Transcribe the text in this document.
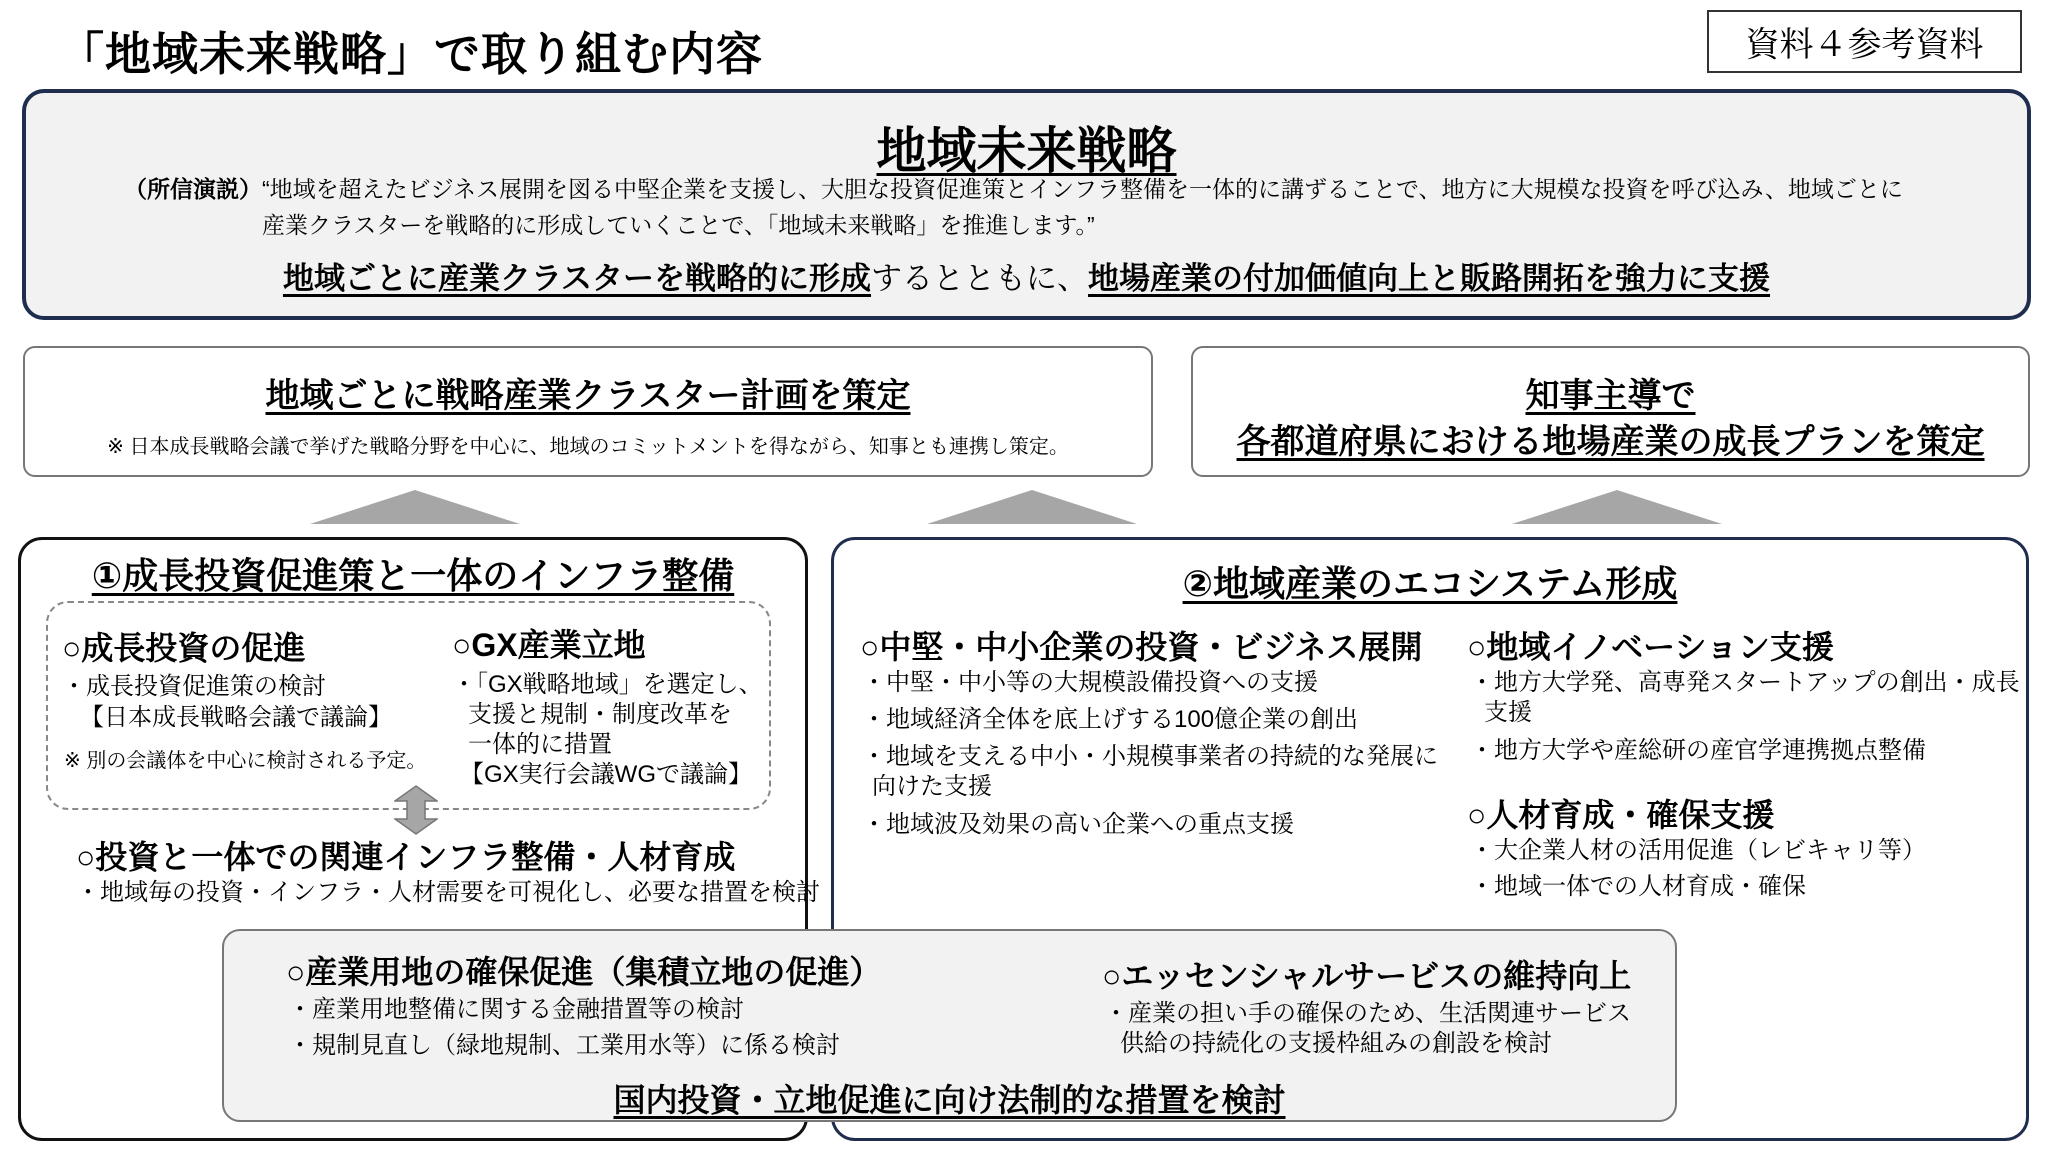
「地域未来戦略」で取り組む内容	資料４参考資料
地域未来戦略
（所信演説）“地域を超えたビジネス展開を図る中堅企業を支援し、大胆な投資促進策とインフラ整備を一体的に講ずることで、地方に大規模な投資を呼び込み、地域ごとに
産業クラスターを戦略的に形成していくことで、「地域未来戦略」を推進します。”
地域ごとに産業クラスターを戦略的に形成するとともに、地場産業の付加価値向上と販路開拓を強力に支援
地域ごとに戦略産業クラスター計画を策定
※ 日本成長戦略会議で挙げた戦略分野を中心に、地域のコミットメントを得ながら、知事とも連携し策定。
知事主導で
各都道府県における地場産業の成長プランを策定
①成長投資促進策と一体のインフラ整備
○成長投資の促進
・成長投資促進策の検討
【日本成長戦略会議で議論】
※ 別の会議体を中心に検討される予定。
○GX産業立地
・「GX戦略地域」を選定し、
支援と規制・制度改革を
一体的に措置
【GX実行会議WGで議論】
○投資と一体での関連インフラ整備・人材育成
・地域毎の投資・インフラ・人材需要を可視化し、必要な措置を検討
②地域産業のエコシステム形成
○中堅・中小企業の投資・ビジネス展開
・中堅・中小等の大規模設備投資への支援
・地域経済全体を底上げする100億企業の創出
・地域を支える中小・小規模事業者の持続的な発展に
向けた支援
・地域波及効果の高い企業への重点支援
○地域イノベーション支援
・地方大学発、高専発スタートアップの創出・成長
支援
・地方大学や産総研の産官学連携拠点整備
○人材育成・確保支援
・大企業人材の活用促進（レビキャリ等）
・地域一体での人材育成・確保
○産業用地の確保促進（集積立地の促進）
・産業用地整備に関する金融措置等の検討
・規制見直し（緑地規制、工業用水等）に係る検討
○エッセンシャルサービスの維持向上
・産業の担い手の確保のため、生活関連サービス
供給の持続化の支援枠組みの創設を検討
国内投資・立地促進に向け法制的な措置を検討
